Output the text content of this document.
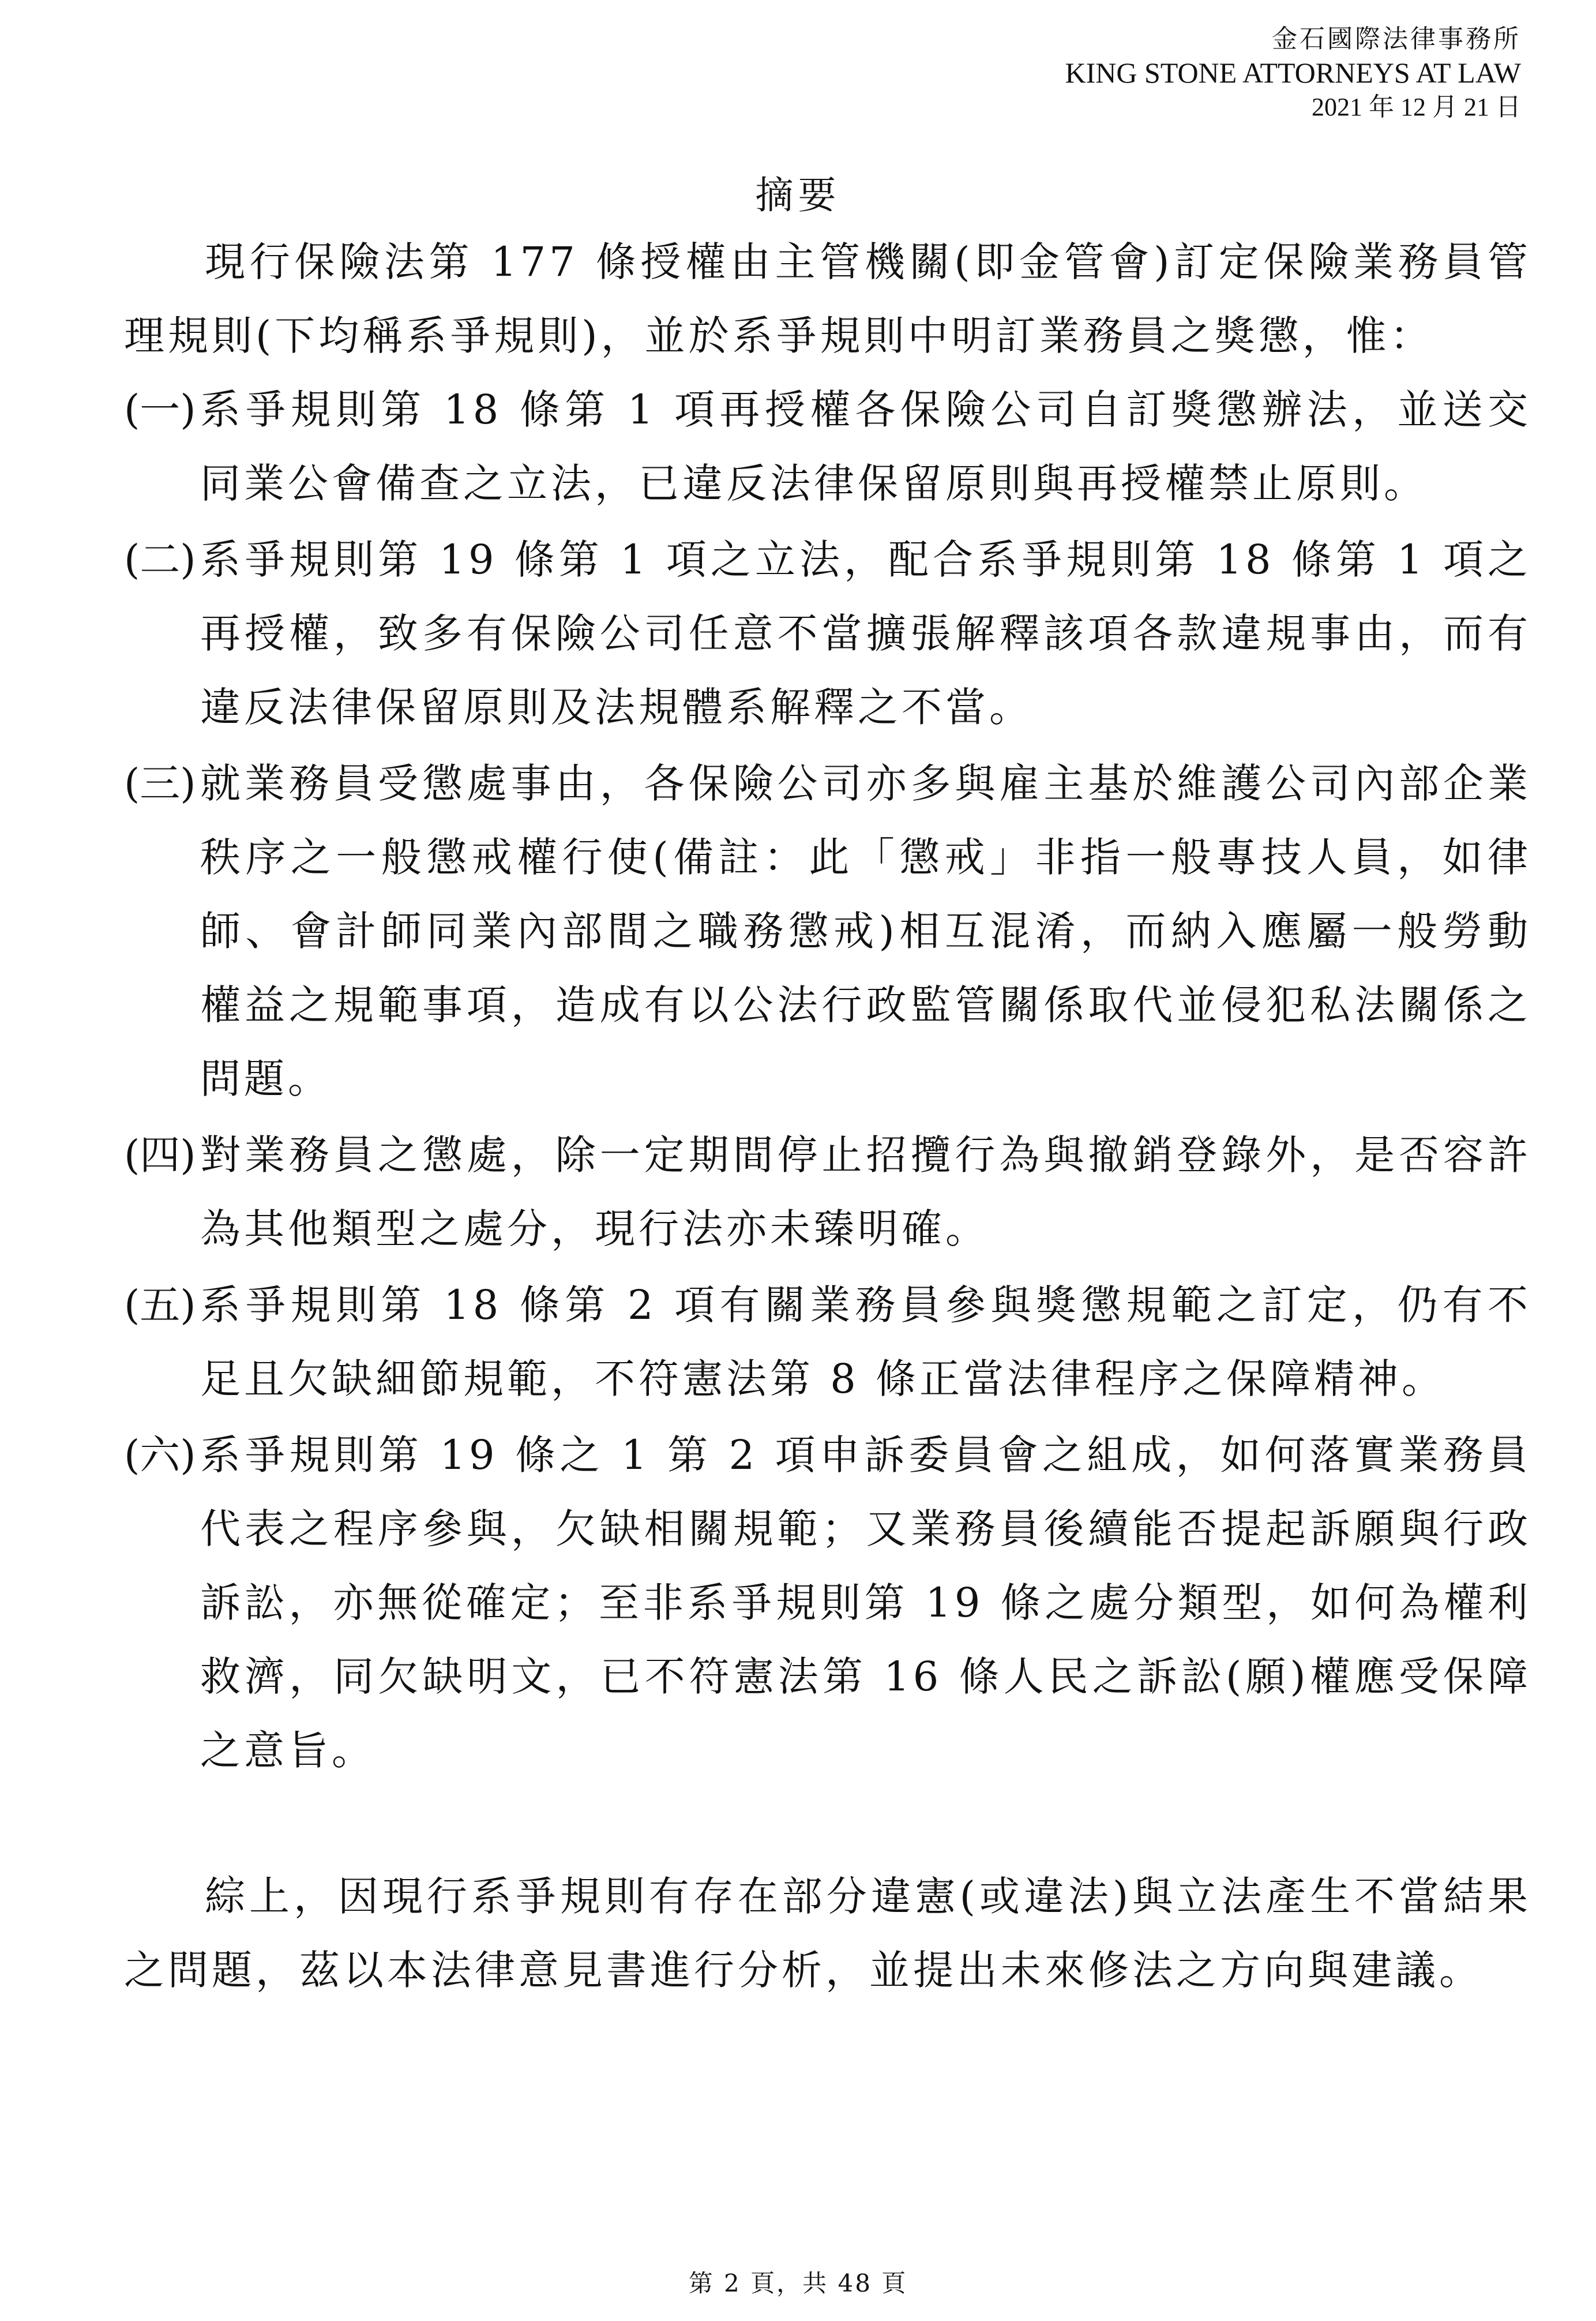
金石國際法律事務所
KING STONE ATTORNEYS AT LAW
2021 年 12 月 21 日
摘要

現行保險法第 177 條授權由主管機關(即金管會)訂定保險業務員管理規則(下均稱系爭規則)，並於系爭規則中明訂業務員之獎懲，惟：

(一) 系爭規則第 18 條第 1 項再授權各保險公司自訂獎懲辦法，並送交同業公會備查之立法，已違反法律保留原則與再授權禁止原則。
(二) 系爭規則第 19 條第 1 項之立法，配合系爭規則第 18 條第 1 項之再授權，致多有保險公司任意不當擴張解釋該項各款違規事由，而有違反法律保留原則及法規體系解釋之不當。
(三) 就業務員受懲處事由，各保險公司亦多與雇主基於維護公司內部企業秩序之一般懲戒權行使(備註：此「懲戒」非指一般專技人員，如律師、會計師同業內部間之職務懲戒)相互混淆，而納入應屬一般勞動權益之規範事項，造成有以公法行政監管關係取代並侵犯私法關係之問題。
(四) 對業務員之懲處，除一定期間停止招攬行為與撤銷登錄外，是否容許為其他類型之處分，現行法亦未臻明確。
(五) 系爭規則第 18 條第 2 項有關業務員參與獎懲規範之訂定，仍有不足且欠缺細節規範，不符憲法第 8 條正當法律程序之保障精神。
(六) 系爭規則第 19 條之 1 第 2 項申訴委員會之組成，如何落實業務員代表之程序參與，欠缺相關規範；又業務員後續能否提起訴願與行政訴訟，亦無從確定；至非系爭規則第 19 條之處分類型，如何為權利救濟，同欠缺明文，已不符憲法第 16 條人民之訴訟(願)權應受保障之意旨。

綜上，因現行系爭規則有存在部分違憲(或違法)與立法產生不當結果之問題，茲以本法律意見書進行分析，並提出未來修法之方向與建議。

第 2 頁，共 48 頁
